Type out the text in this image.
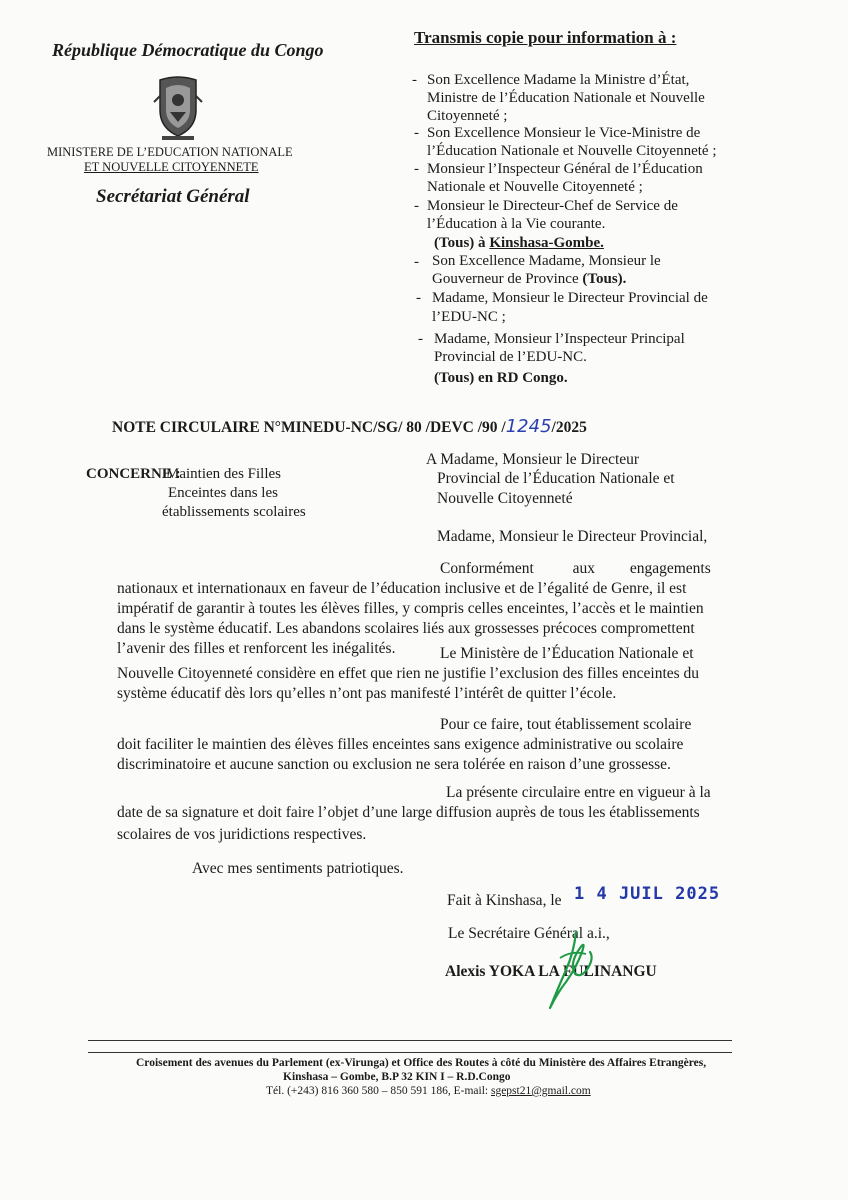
République Démocratique du Congo
MINISTERE DE L’EDUCATION NATIONALE
ET NOUVELLE CITOYENNETE
Secrétariat Général
Transmis copie pour information à :
- Son Excellence Madame la Ministre d’État,
Ministre de l’Éducation Nationale et Nouvelle
Citoyenneté ;
- Son Excellence Monsieur le Vice-Ministre de
l’Éducation Nationale et Nouvelle Citoyenneté ;
- Monsieur l’Inspecteur Général de l’Éducation
Nationale et Nouvelle Citoyenneté ;
- Monsieur le Directeur-Chef de Service de
l’Éducation à la Vie courante.
(Tous) à Kinshasa-Gombe.
- Son Excellence Madame, Monsieur le
Gouverneur de Province (Tous).
- Madame, Monsieur le Directeur Provincial de
l’EDU-NC ;
- Madame, Monsieur l’Inspecteur Principal
Provincial de l’EDU-NC.
(Tous) en RD Congo.
NOTE CIRCULAIRE N°MINEDU-NC/SG/ 80 /DEVC /90 /1245/2025
CONCERNE :
Maintien des Filles
Enceintes dans les
établissements scolaires
A Madame, Monsieur le Directeur
Provincial de l’Éducation Nationale et
Nouvelle Citoyenneté
Madame, Monsieur le Directeur Provincial,
Conformément          aux         engagements
nationaux et internationaux en faveur de l’éducation inclusive et de l’égalité de Genre, il est
impératif de garantir à toutes les élèves filles, y compris celles enceintes, l’accès et le maintien
dans le système éducatif. Les abandons scolaires liés aux grossesses précoces compromettent
l’avenir des filles et renforcent les inégalités.	Le Ministère de l’Éducation Nationale et
Nouvelle Citoyenneté considère en effet que rien ne justifie l’exclusion des filles enceintes du
système éducatif dès lors qu’elles n’ont pas manifesté l’intérêt de quitter l’école.
Pour ce faire, tout établissement scolaire
doit faciliter le maintien des élèves filles enceintes sans exigence administrative ou scolaire
discriminatoire et aucune sanction ou exclusion ne sera tolérée en raison d’une grossesse.
La présente circulaire entre en vigueur à la
date de sa signature et doit faire l’objet d’une large diffusion auprès de tous les établissements
scolaires de vos juridictions respectives.
Avec mes sentiments patriotiques.
Fait à Kinshasa, le 1 4 JUIL 2025
Le Secrétaire Général a.i.,
Alexis YOKA LA FULINANGU
Croisement des avenues du Parlement (ex-Virunga) et Office des Routes à côté du Ministère des Affaires Etrangères,
Kinshasa – Gombe, B.P 32 KIN I – R.D.Congo
Tél. (+243) 816 360 580 – 850 591 186, E-mail: sgepst21@gmail.com
